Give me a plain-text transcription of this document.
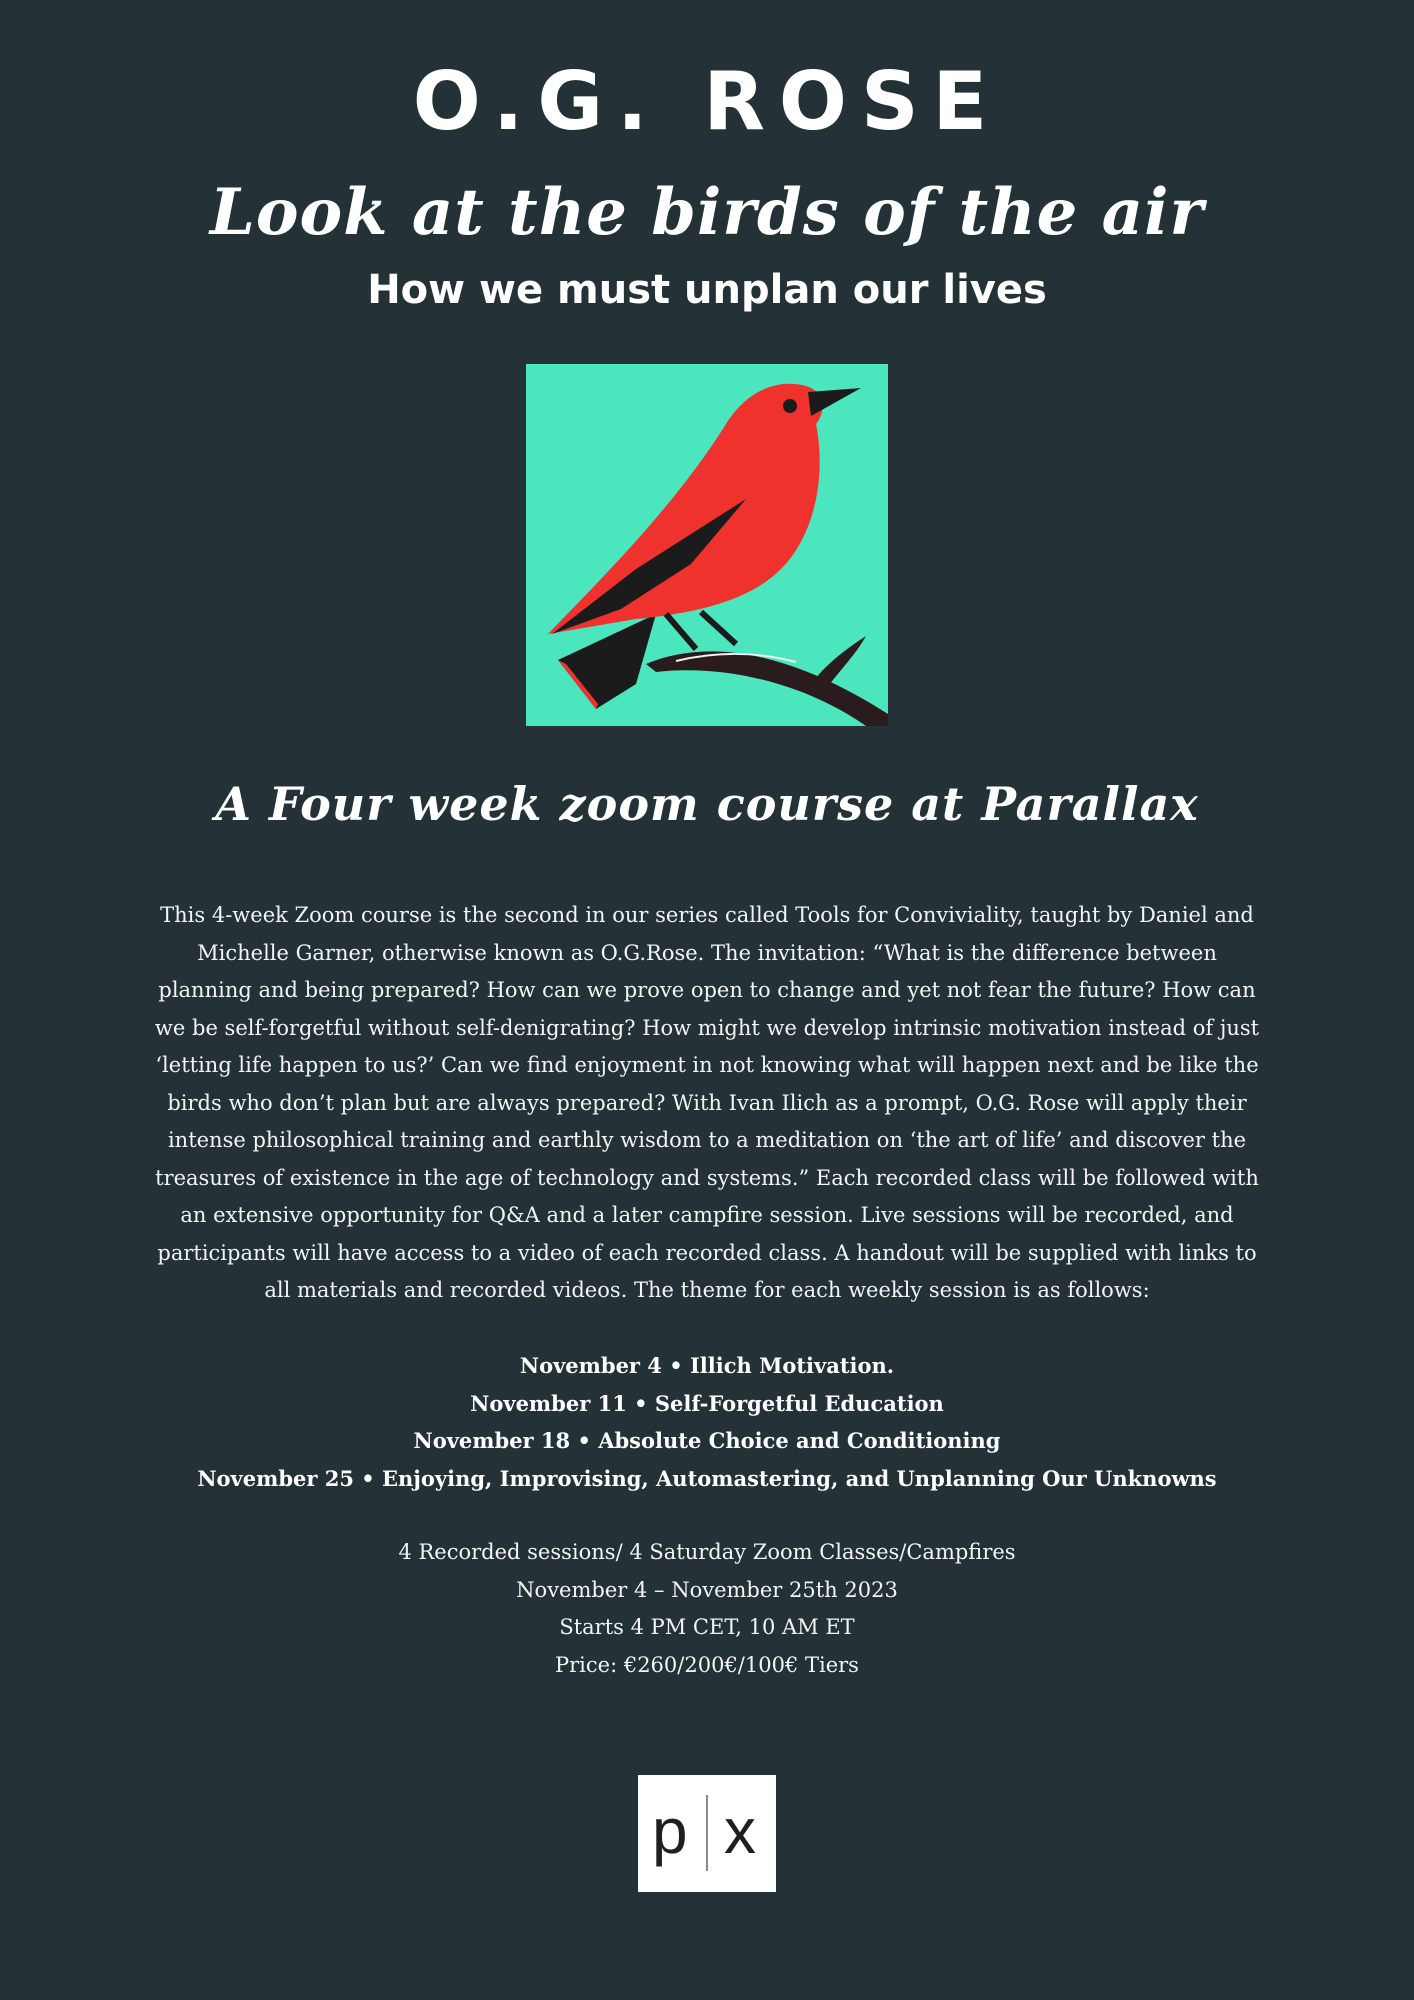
O.G. ROSE
Look at the birds of the air
How we must unplan our lives
A Four week zoom course at Parallax

This 4-week Zoom course is the second in our series called Tools for Conviviality, taught by Daniel and Michelle Garner, otherwise known as O.G.Rose. The invitation: “What is the difference between planning and being prepared? How can we prove open to change and yet not fear the future? How can we be self-forgetful without self-denigrating? How might we develop intrinsic motivation instead of just ‘letting life happen to us?’ Can we find enjoyment in not knowing what will happen next and be like the birds who don’t plan but are always prepared? With Ivan Ilich as a prompt, O.G. Rose will apply their intense philosophical training and earthly wisdom to a meditation on ‘the art of life’ and discover the treasures of existence in the age of technology and systems.” Each recorded class will be followed with an extensive opportunity for Q&A and a later campfire session. Live sessions will be recorded, and participants will have access to a video of each recorded class. A handout will be supplied with links to all materials and recorded videos. The theme for each weekly session is as follows:

November 4 • Illich Motivation.
November 11 • Self-Forgetful Education
November 18 • Absolute Choice and Conditioning
November 25 • Enjoying, Improvising, Automastering, and Unplanning Our Unknowns
4 Recorded sessions/ 4 Saturday Zoom Classes/Campfires
November 4 – November 25th 2023
Starts 4 PM CET, 10 AM ET
Price: €260/200€/100€ Tiers
p x
